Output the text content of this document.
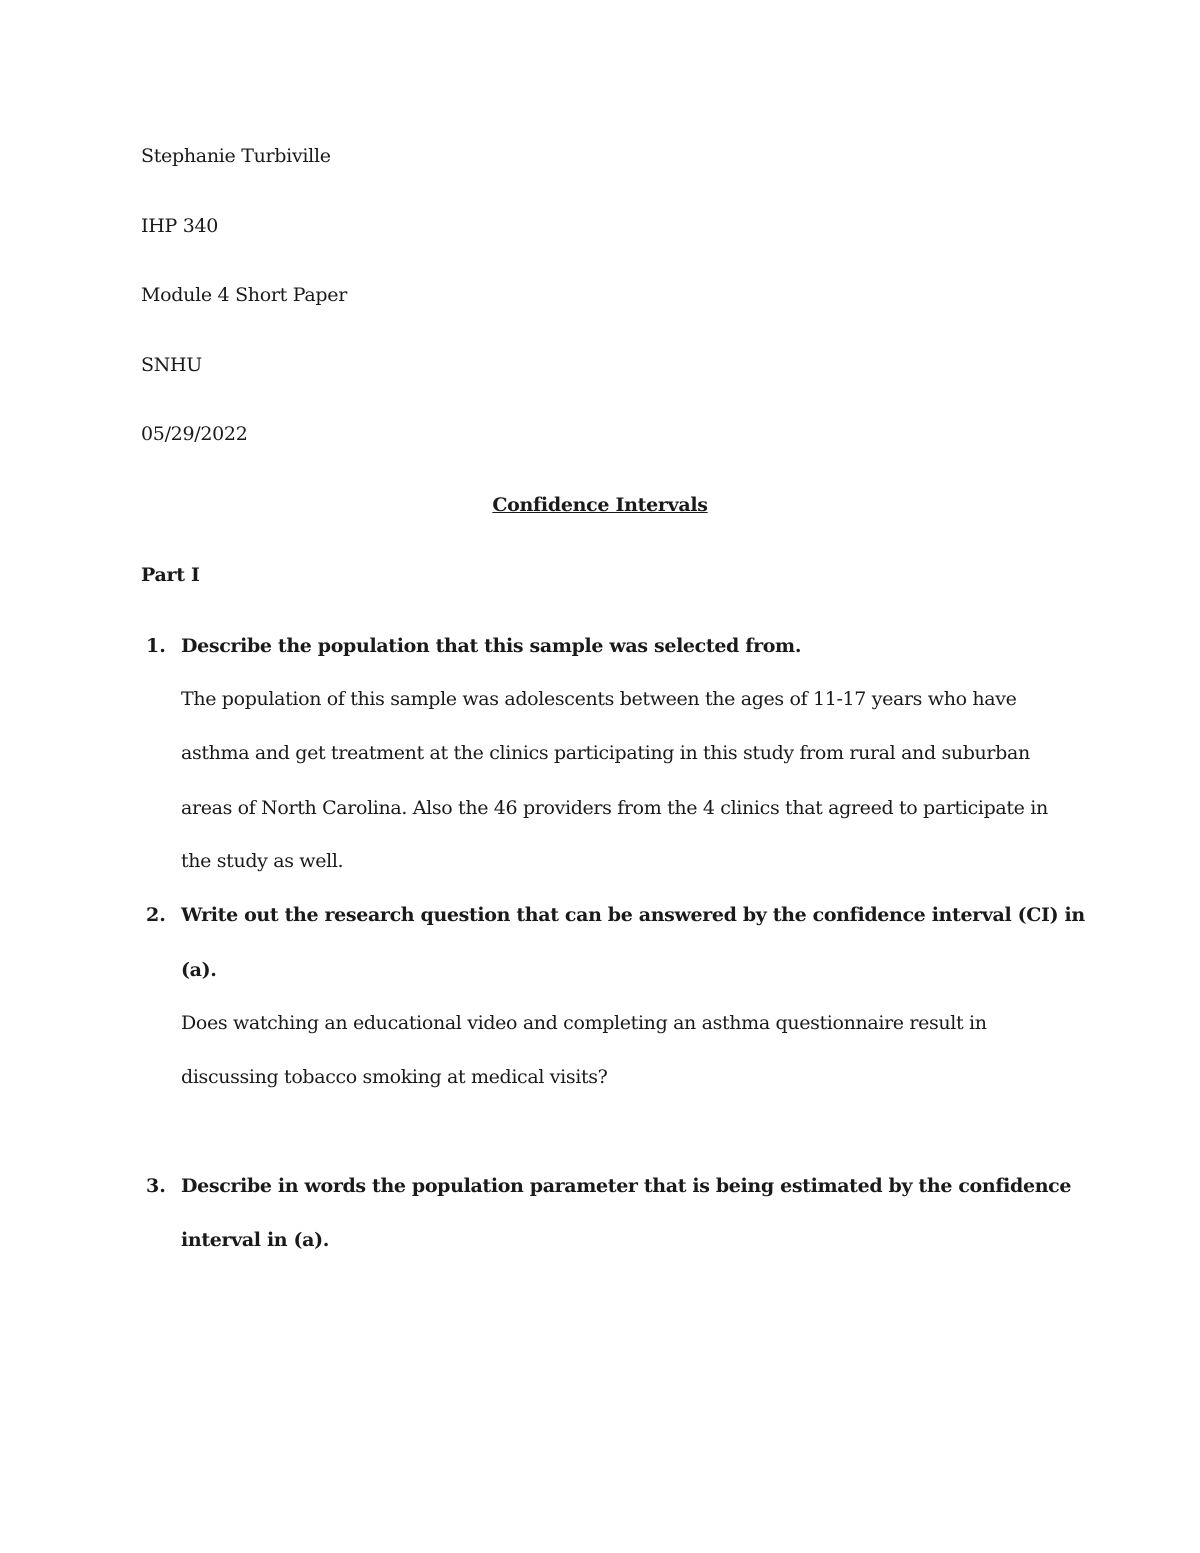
Stephanie Turbiville
IHP 340
Module 4 Short Paper
SNHU
05/29/2022
Confidence Intervals
Part I
1. Describe the population that this sample was selected from.
The population of this sample was adolescents between the ages of 11-17 years who have
asthma and get treatment at the clinics participating in this study from rural and suburban
areas of North Carolina. Also the 46 providers from the 4 clinics that agreed to participate in
the study as well.
2. Write out the research question that can be answered by the confidence interval (CI) in
(a).
Does watching an educational video and completing an asthma questionnaire result in
discussing tobacco smoking at medical visits?
3. Describe in words the population parameter that is being estimated by the confidence
interval in (a).
